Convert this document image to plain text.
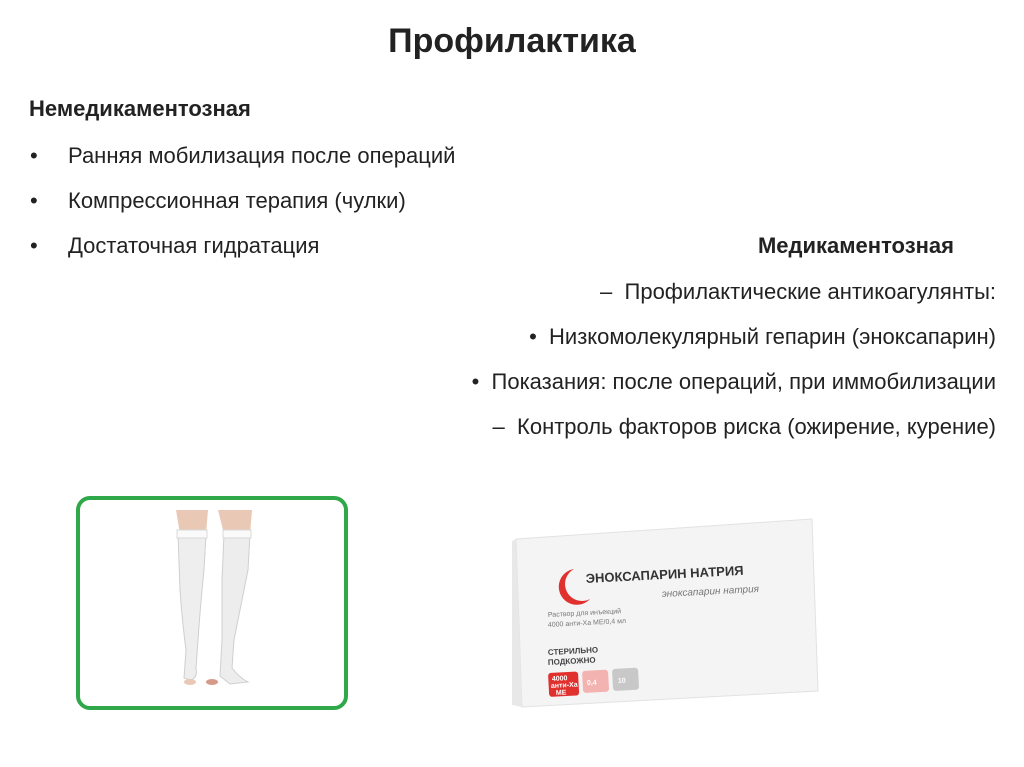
Профилактика
Немедикаментозная
• Ранняя мобилизация после операций
• Компрессионная терапия (чулки)
• Достаточная гидратация	Медикаментозная
– Профилактические антикоагулянты:
• Низкомолекулярный гепарин (эноксапарин)
• Показания: после операций, при иммобилизации
– Контроль факторов риска (ожирение, курение)
ЭНОКСАПАРИН НАТРИЯ
эноксапарин натрия
Раствор для инъекций
4000 анти-Ха МЕ/0,4 мл
СТЕРИЛЬНО
ПОДКОЖНО
4000
анти-Ха
МЕ
0,4	10
